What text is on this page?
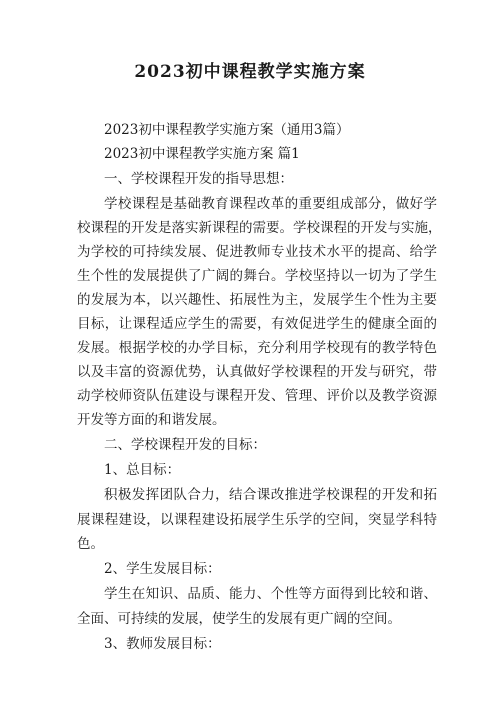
2023初中课程教学实施方案
2023初中课程教学实施方案（通用3篇）
2023初中课程教学实施方案 篇1
一、学校课程开发的指导思想：
学校课程是基础教育课程改革的重要组成部分，做好学
校课程的开发是落实新课程的需要。学校课程的开发与实施，
为学校的可持续发展、促进教师专业技术水平的提高、给学
生个性的发展提供了广阔的舞台。学校坚持以一切为了学生
的发展为本，以兴趣性、拓展性为主，发展学生个性为主要
目标，让课程适应学生的需要，有效促进学生的健康全面的
发展。根据学校的办学目标，充分利用学校现有的教学特色
以及丰富的资源优势，认真做好学校课程的开发与研究，带
动学校师资队伍建设与课程开发、管理、评价以及教学资源
开发等方面的和谐发展。
二、学校课程开发的目标：
1、总目标：
积极发挥团队合力，结合课改推进学校课程的开发和拓
展课程建设，以课程建设拓展学生乐学的空间，突显学科特
色。
2、学生发展目标：
学生在知识、品质、能力、个性等方面得到比较和谐、
全面、可持续的发展，使学生的发展有更广阔的空间。
3、教师发展目标：
